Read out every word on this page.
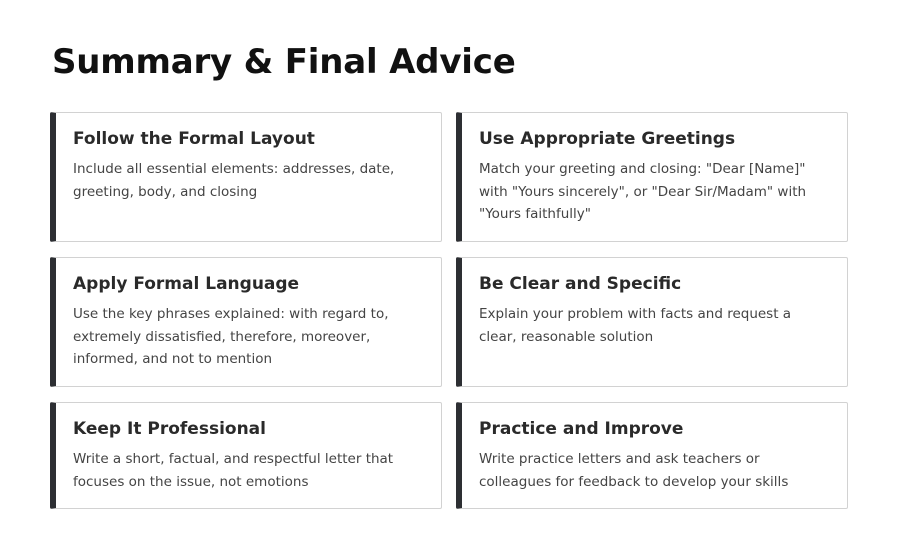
Summary & Final Advice
Follow the Formal Layout

Include all essential elements: addresses, date, greeting, body, and closing

Use Appropriate Greetings

Match your greeting and closing: "Dear [Name]" with "Yours sincerely", or "Dear Sir/Madam" with "Yours faithfully"

Apply Formal Language

Use the key phrases explained: with regard to, extremely dissatisfied, therefore, moreover, informed, and not to mention

Be Clear and Specific

Explain your problem with facts and request a clear, reasonable solution

Keep It Professional

Write a short, factual, and respectful letter that focuses on the issue, not emotions

Practice and Improve

Write practice letters and ask teachers or colleagues for feedback to develop your skills
